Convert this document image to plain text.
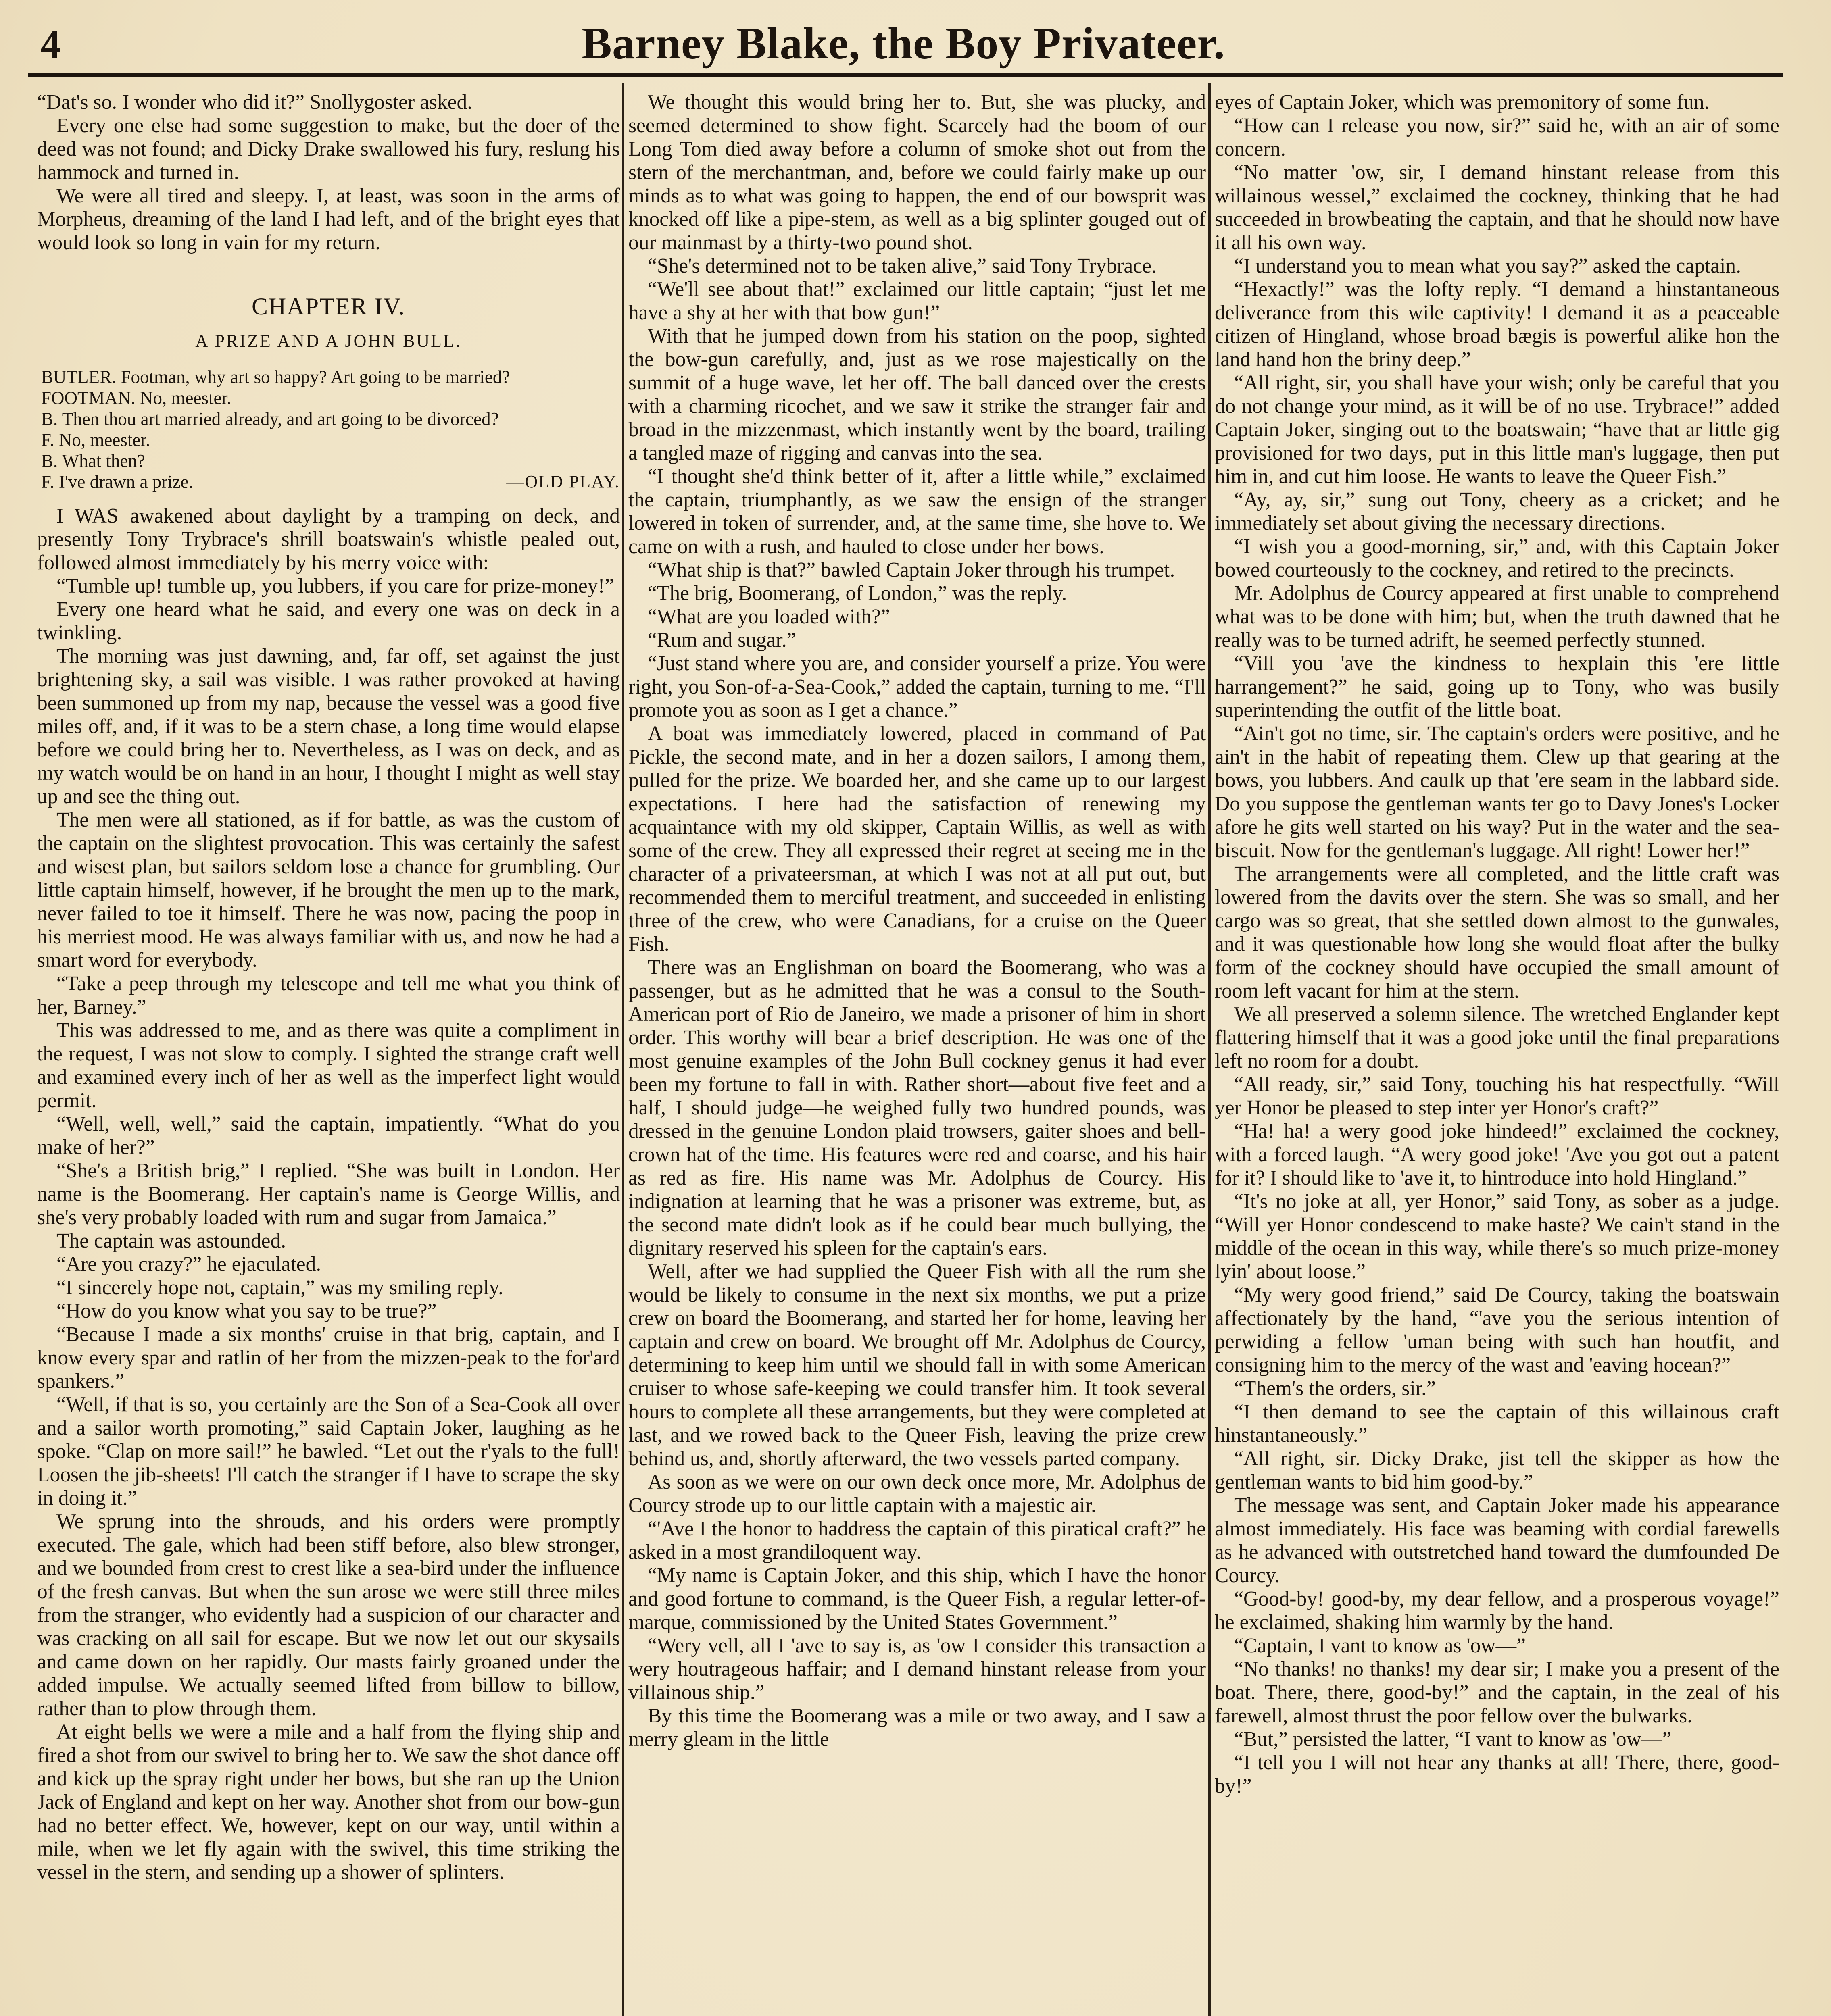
4	Barney Blake, the Boy Privateer.

“Dat's so. I wonder who did it?” Snollygoster asked.

Every one else had some suggestion to make, but the doer of the deed was not found; and Dicky Drake swallowed his fury, reslung his hammock and turned in.

We were all tired and sleepy. I, at least, was soon in the arms of Morpheus, dreaming of the land I had left, and of the bright eyes that would look so long in vain for my return.

CHAPTER IV.

A PRIZE AND A JOHN BULL.

BUTLER. Footman, why art so happy? Art going to be married?

FOOTMAN. No, meester.

B. Then thou art married already, and art going to be divorced?

F. No, meester.

B. What then?

F. I've drawn a prize.	—OLD PLAY.

I WAS awakened about daylight by a tramping on deck, and presently Tony Trybrace's shrill boatswain's whistle pealed out, followed almost immediately by his merry voice with:

“Tumble up! tumble up, you lubbers, if you care for prize-money!”

Every one heard what he said, and every one was on deck in a twinkling.

The morning was just dawning, and, far off, set against the just brightening sky, a sail was visible. I was rather provoked at having been summoned up from my nap, because the vessel was a good five miles off, and, if it was to be a stern chase, a long time would elapse before we could bring her to. Nevertheless, as I was on deck, and as my watch would be on hand in an hour, I thought I might as well stay up and see the thing out.

The men were all stationed, as if for battle, as was the custom of the captain on the slightest provocation. This was certainly the safest and wisest plan, but sailors seldom lose a chance for grumbling. Our little captain himself, however, if he brought the men up to the mark, never failed to toe it himself. There he was now, pacing the poop in his merriest mood. He was always familiar with us, and now he had a smart word for everybody.

“Take a peep through my telescope and tell me what you think of her, Barney.”

This was addressed to me, and as there was quite a compliment in the request, I was not slow to comply. I sighted the strange craft well and examined every inch of her as well as the imperfect light would permit.

“Well, well, well,” said the captain, impatiently. “What do you make of her?”

“She's a British brig,” I replied. “She was built in London. Her name is the Boomerang. Her captain's name is George Willis, and she's very probably loaded with rum and sugar from Jamaica.”

The captain was astounded.

“Are you crazy?” he ejaculated.

“I sincerely hope not, captain,” was my smiling reply.

“How do you know what you say to be true?”

“Because I made a six months' cruise in that brig, captain, and I know every spar and ratlin of her from the mizzen-peak to the for'ard spankers.”

“Well, if that is so, you certainly are the Son of a Sea-Cook all over and a sailor worth promoting,” said Captain Joker, laughing as he spoke. “Clap on more sail!” he bawled. “Let out the r'yals to the full! Loosen the jib-sheets! I'll catch the stranger if I have to scrape the sky in doing it.”

We sprung into the shrouds, and his orders were promptly executed. The gale, which had been stiff before, also blew stronger, and we bounded from crest to crest like a sea-bird under the influence of the fresh canvas. But when the sun arose we were still three miles from the stranger, who evidently had a suspicion of our character and was cracking on all sail for escape. But we now let out our skysails and came down on her rapidly. Our masts fairly groaned under the added impulse. We actually seemed lifted from billow to billow, rather than to plow through them.

At eight bells we were a mile and a half from the flying ship and fired a shot from our swivel to bring her to. We saw the shot dance off and kick up the spray right under her bows, but she ran up the Union Jack of England and kept on her way. Another shot from our bow-gun had no better effect. We, however, kept on our way, until within a mile, when we let fly again with the swivel, this time striking the vessel in the stern, and sending up a shower of splinters.

We thought this would bring her to. But, she was plucky, and seemed determined to show fight. Scarcely had the boom of our Long Tom died away before a column of smoke shot out from the stern of the merchantman, and, before we could fairly make up our minds as to what was going to happen, the end of our bowsprit was knocked off like a pipe-stem, as well as a big splinter gouged out of our mainmast by a thirty-two pound shot.

“She's determined not to be taken alive,” said Tony Trybrace.

“We'll see about that!” exclaimed our little captain; “just let me have a shy at her with that bow gun!”

With that he jumped down from his station on the poop, sighted the bow-gun carefully, and, just as we rose majestically on the summit of a huge wave, let her off. The ball danced over the crests with a charming ricochet, and we saw it strike the stranger fair and broad in the mizzenmast, which instantly went by the board, trailing a tangled maze of rigging and canvas into the sea.

“I thought she'd think better of it, after a little while,” exclaimed the captain, triumphantly, as we saw the ensign of the stranger lowered in token of surrender, and, at the same time, she hove to. We came on with a rush, and hauled to close under her bows.

“What ship is that?” bawled Captain Joker through his trumpet.

“The brig, Boomerang, of London,” was the reply.

“What are you loaded with?”

“Rum and sugar.”

“Just stand where you are, and consider yourself a prize. You were right, you Son-of-a-Sea-Cook,” added the captain, turning to me. “I'll promote you as soon as I get a chance.”

A boat was immediately lowered, placed in command of Pat Pickle, the second mate, and in her a dozen sailors, I among them, pulled for the prize. We boarded her, and she came up to our largest expectations. I here had the satisfaction of renewing my acquaintance with my old skipper, Captain Willis, as well as with some of the crew. They all expressed their regret at seeing me in the character of a privateersman, at which I was not at all put out, but recommended them to merciful treatment, and succeeded in enlisting three of the crew, who were Canadians, for a cruise on the Queer Fish.

There was an Englishman on board the Boomerang, who was a passenger, but as he admitted that he was a consul to the South-American port of Rio de Janeiro, we made a prisoner of him in short order. This worthy will bear a brief description. He was one of the most genuine examples of the John Bull cockney genus it had ever been my fortune to fall in with. Rather short—about five feet and a half, I should judge—he weighed fully two hundred pounds, was dressed in the genuine London plaid trowsers, gaiter shoes and bell-crown hat of the time. His features were red and coarse, and his hair as red as fire. His name was Mr. Adolphus de Courcy. His indignation at learning that he was a prisoner was extreme, but, as the second mate didn't look as if he could bear much bullying, the dignitary reserved his spleen for the captain's ears.

Well, after we had supplied the Queer Fish with all the rum she would be likely to consume in the next six months, we put a prize crew on board the Boomerang, and started her for home, leaving her captain and crew on board. We brought off Mr. Adolphus de Courcy, determining to keep him until we should fall in with some American cruiser to whose safe-keeping we could transfer him. It took several hours to complete all these arrangements, but they were completed at last, and we rowed back to the Queer Fish, leaving the prize crew behind us, and, shortly afterward, the two vessels parted company.

As soon as we were on our own deck once more, Mr. Adolphus de Courcy strode up to our little captain with a majestic air.

“'Ave I the honor to haddress the captain of this piratical craft?” he asked in a most grandiloquent way.

“My name is Captain Joker, and this ship, which I have the honor and good fortune to command, is the Queer Fish, a regular letter-of-marque, commissioned by the United States Government.”

“Wery vell, all I 'ave to say is, as 'ow I consider this transaction a wery houtrageous haffair; and I demand hinstant release from your villainous ship.”

By this time the Boomerang was a mile or two away, and I saw a merry gleam in the little

eyes of Captain Joker, which was premonitory of some fun.

“How can I release you now, sir?” said he, with an air of some concern.

“No matter 'ow, sir, I demand hinstant release from this willainous wessel,” exclaimed the cockney, thinking that he had succeeded in browbeating the captain, and that he should now have it all his own way.

“I understand you to mean what you say?” asked the captain.

“Hexactly!” was the lofty reply. “I demand a hinstantaneous deliverance from this wile captivity! I demand it as a peaceable citizen of Hingland, whose broad bægis is powerful alike hon the land hand hon the briny deep.”

“All right, sir, you shall have your wish; only be careful that you do not change your mind, as it will be of no use. Trybrace!” added Captain Joker, singing out to the boatswain; “have that ar little gig provisioned for two days, put in this little man's luggage, then put him in, and cut him loose. He wants to leave the Queer Fish.”

“Ay, ay, sir,” sung out Tony, cheery as a cricket; and he immediately set about giving the necessary directions.

“I wish you a good-morning, sir,” and, with this Captain Joker bowed courteously to the cockney, and retired to the precincts.

Mr. Adolphus de Courcy appeared at first unable to comprehend what was to be done with him; but, when the truth dawned that he really was to be turned adrift, he seemed perfectly stunned.

“Vill you 'ave the kindness to hexplain this 'ere little harrangement?” he said, going up to Tony, who was busily superintending the outfit of the little boat.

“Ain't got no time, sir. The captain's orders were positive, and he ain't in the habit of repeating them. Clew up that gearing at the bows, you lubbers. And caulk up that 'ere seam in the labbard side. Do you suppose the gentleman wants ter go to Davy Jones's Locker afore he gits well started on his way? Put in the water and the sea-biscuit. Now for the gentleman's luggage. All right! Lower her!”

The arrangements were all completed, and the little craft was lowered from the davits over the stern. She was so small, and her cargo was so great, that she settled down almost to the gunwales, and it was questionable how long she would float after the bulky form of the cockney should have occupied the small amount of room left vacant for him at the stern.

We all preserved a solemn silence. The wretched Englander kept flattering himself that it was a good joke until the final preparations left no room for a doubt.

“All ready, sir,” said Tony, touching his hat respectfully. “Will yer Honor be pleased to step inter yer Honor's craft?”

“Ha! ha! a wery good joke hindeed!” exclaimed the cockney, with a forced laugh. “A wery good joke! 'Ave you got out a patent for it? I should like to 'ave it, to hintroduce into hold Hingland.”

“It's no joke at all, yer Honor,” said Tony, as sober as a judge. “Will yer Honor condescend to make haste? We cain't stand in the middle of the ocean in this way, while there's so much prize-money lyin' about loose.”

“My wery good friend,” said De Courcy, taking the boatswain affectionately by the hand, “'ave you the serious intention of perwiding a fellow 'uman being with such han houtfit, and consigning him to the mercy of the wast and 'eaving hocean?”

“Them's the orders, sir.”

“I then demand to see the captain of this willainous craft hinstantaneously.”

“All right, sir. Dicky Drake, jist tell the skipper as how the gentleman wants to bid him good-by.”

The message was sent, and Captain Joker made his appearance almost immediately. His face was beaming with cordial farewells as he advanced with outstretched hand toward the dumfounded De Courcy.

“Good-by! good-by, my dear fellow, and a prosperous voyage!” he exclaimed, shaking him warmly by the hand.

“Captain, I vant to know as 'ow—”

“No thanks! no thanks! my dear sir; I make you a present of the boat. There, there, good-by!” and the captain, in the zeal of his farewell, almost thrust the poor fellow over the bulwarks.

“But,” persisted the latter, “I vant to know as 'ow—”

“I tell you I will not hear any thanks at all! There, there, good-by!”
